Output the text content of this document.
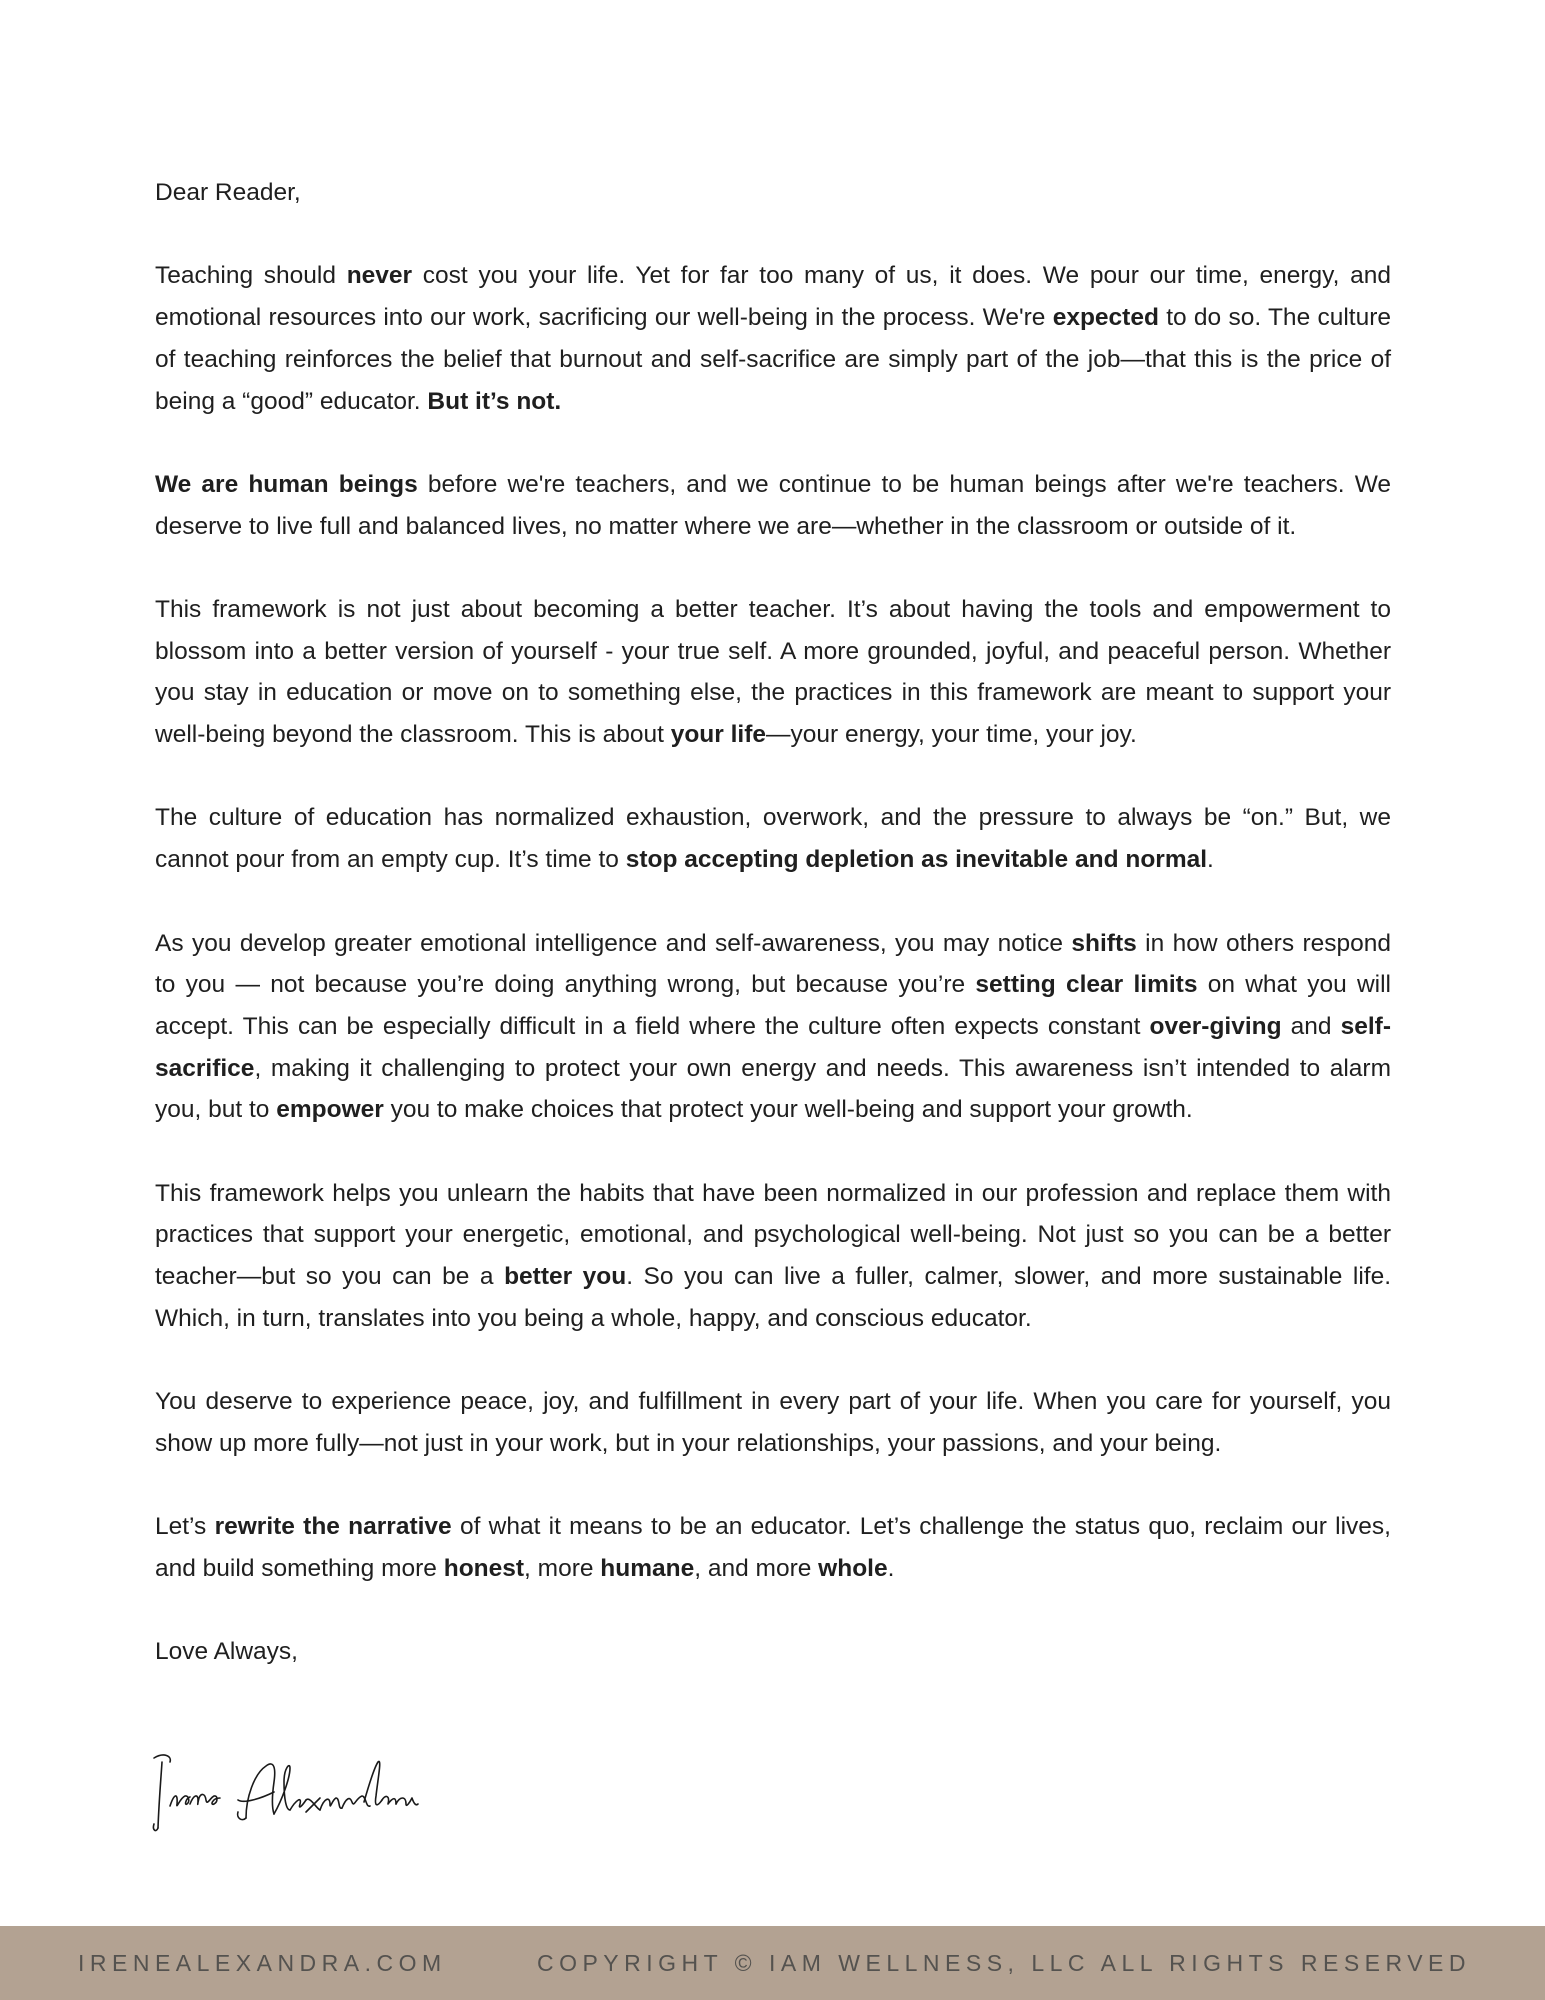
Dear Reader,

Teaching should never cost you your life. Yet for far too many of us, it does. We pour our time, energy, and emotional resources into our work, sacrificing our well-being in the process. We're expected to do so. The culture of teaching reinforces the belief that burnout and self-sacrifice are simply part of the job—that this is the price of being a “good” educator. But it’s not.

We are human beings before we're teachers, and we continue to be human beings after we're teachers. We deserve to live full and balanced lives, no matter where we are—whether in the classroom or outside of it.

This framework is not just about becoming a better teacher. It’s about having the tools and empowerment to blossom into a better version of yourself - your true self. A more grounded, joyful, and peaceful person. Whether you stay in education or move on to something else, the practices in this framework are meant to support your well-being beyond the classroom. This is about your life—your energy, your time, your joy.

The culture of education has normalized exhaustion, overwork, and the pressure to always be “on.” But, we cannot pour from an empty cup. It’s time to stop accepting depletion as inevitable and normal.

As you develop greater emotional intelligence and self-awareness, you may notice shifts in how others respond to you — not because you’re doing anything wrong, but because you’re setting clear limits on what you will accept. This can be especially difficult in a field where the culture often expects constant over-giving and self-sacrifice, making it challenging to protect your own energy and needs. This awareness isn’t intended to alarm you, but to empower you to make choices that protect your well-being and support your growth.

This framework helps you unlearn the habits that have been normalized in our profession and replace them with practices that support your energetic, emotional, and psychological well-being. Not just so you can be a better teacher—but so you can be a better you. So you can live a fuller, calmer, slower, and more sustainable life. Which, in turn, translates into you being a whole, happy, and conscious educator.

You deserve to experience peace, joy, and fulfillment in every part of your life. When you care for yourself, you show up more fully—not just in your work, but in your relationships, your passions, and your being.

Let’s rewrite the narrative of what it means to be an educator. Let’s challenge the status quo, reclaim our lives, and build something more honest, more humane, and more whole.

Love Always,

IRENEALEXANDRA.COM	COPYRIGHT © IAM WELLNESS, LLC ALL RIGHTS RESERVED
